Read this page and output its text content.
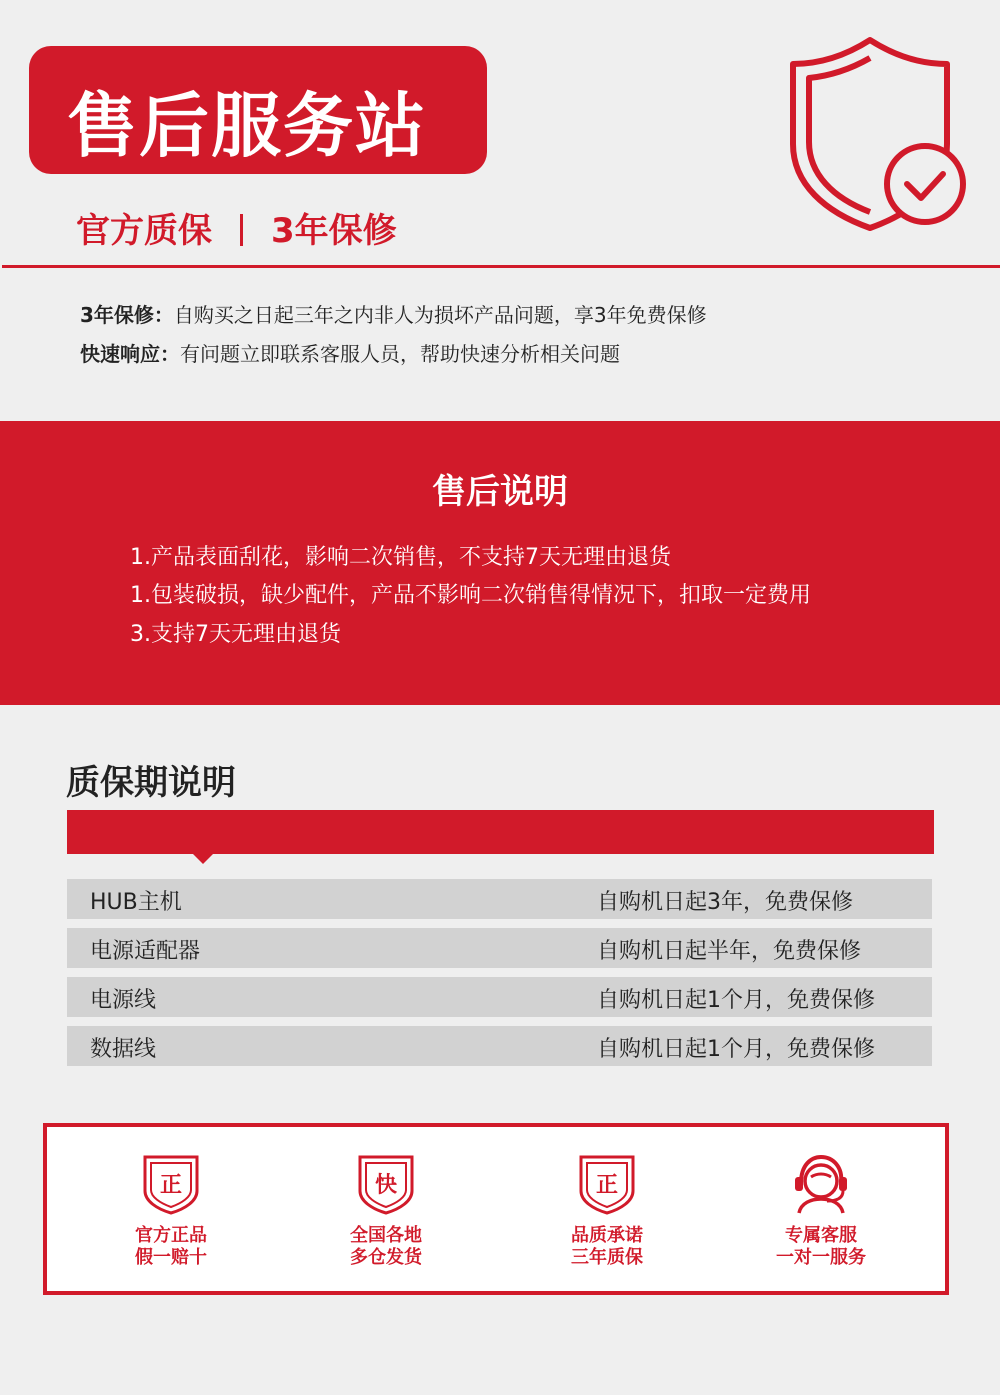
售后服务站
官方质保 3年保修
3年保修：自购买之日起三年之内非人为损坏产品问题，享3年免费保修
快速响应：有问题立即联系客服人员，帮助快速分析相关问题
售后说明
1.产品表面刮花，影响二次销售，不支持7天无理由退货
1.包装破损，缺少配件，产品不影响二次销售得情况下，扣取一定费用
3.支持7天无理由退货
质保期说明
HUB主机	自购机日起3年，免费保修
电源适配器	自购机日起半年，免费保修
电源线	自购机日起1个月，免费保修
数据线	自购机日起1个月，免费保修
正
官方正品
假一赔十
快
全国各地
多仓发货
正
品质承诺
三年质保
专属客服
一对一服务
